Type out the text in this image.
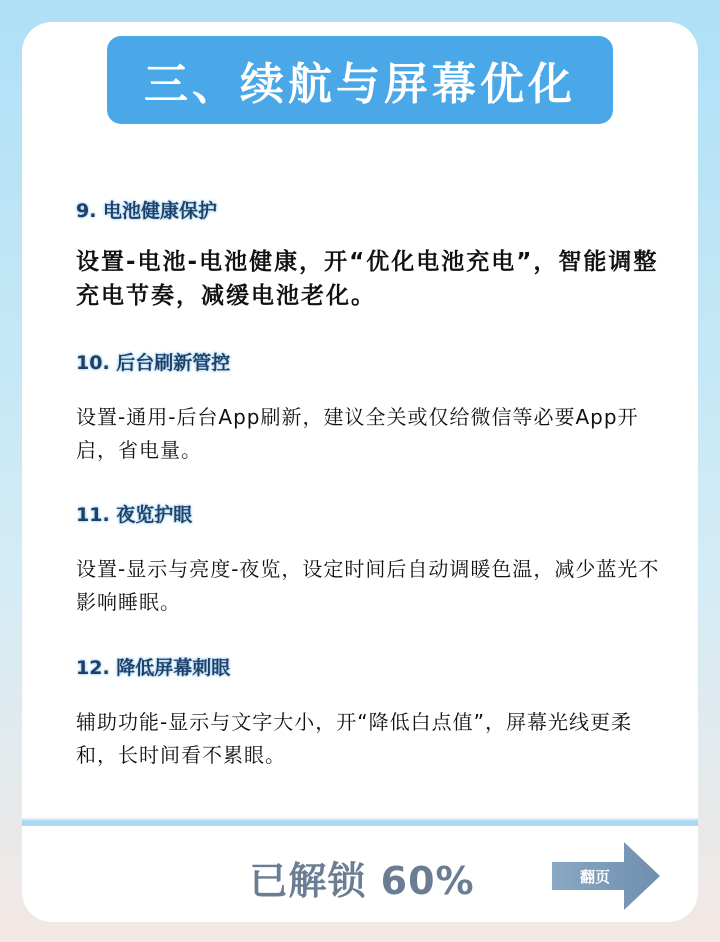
三、续航与屏幕优化
9. 电池健康保护
设置-电池-电池健康，开“优化电池充电”，智能调整充电节奏，减缓电池老化。
10. 后台刷新管控
设置-通用-后台App刷新，建议全关或仅给微信等必要App开启，省电量。
11. 夜览护眼
设置-显示与亮度-夜览，设定时间后自动调暖色温，减少蓝光不影响睡眠。
12. 降低屏幕刺眼
辅助功能-显示与文字大小，开“降低白点值”，屏幕光线更柔和，长时间看不累眼。
已解锁 60%	翻页
